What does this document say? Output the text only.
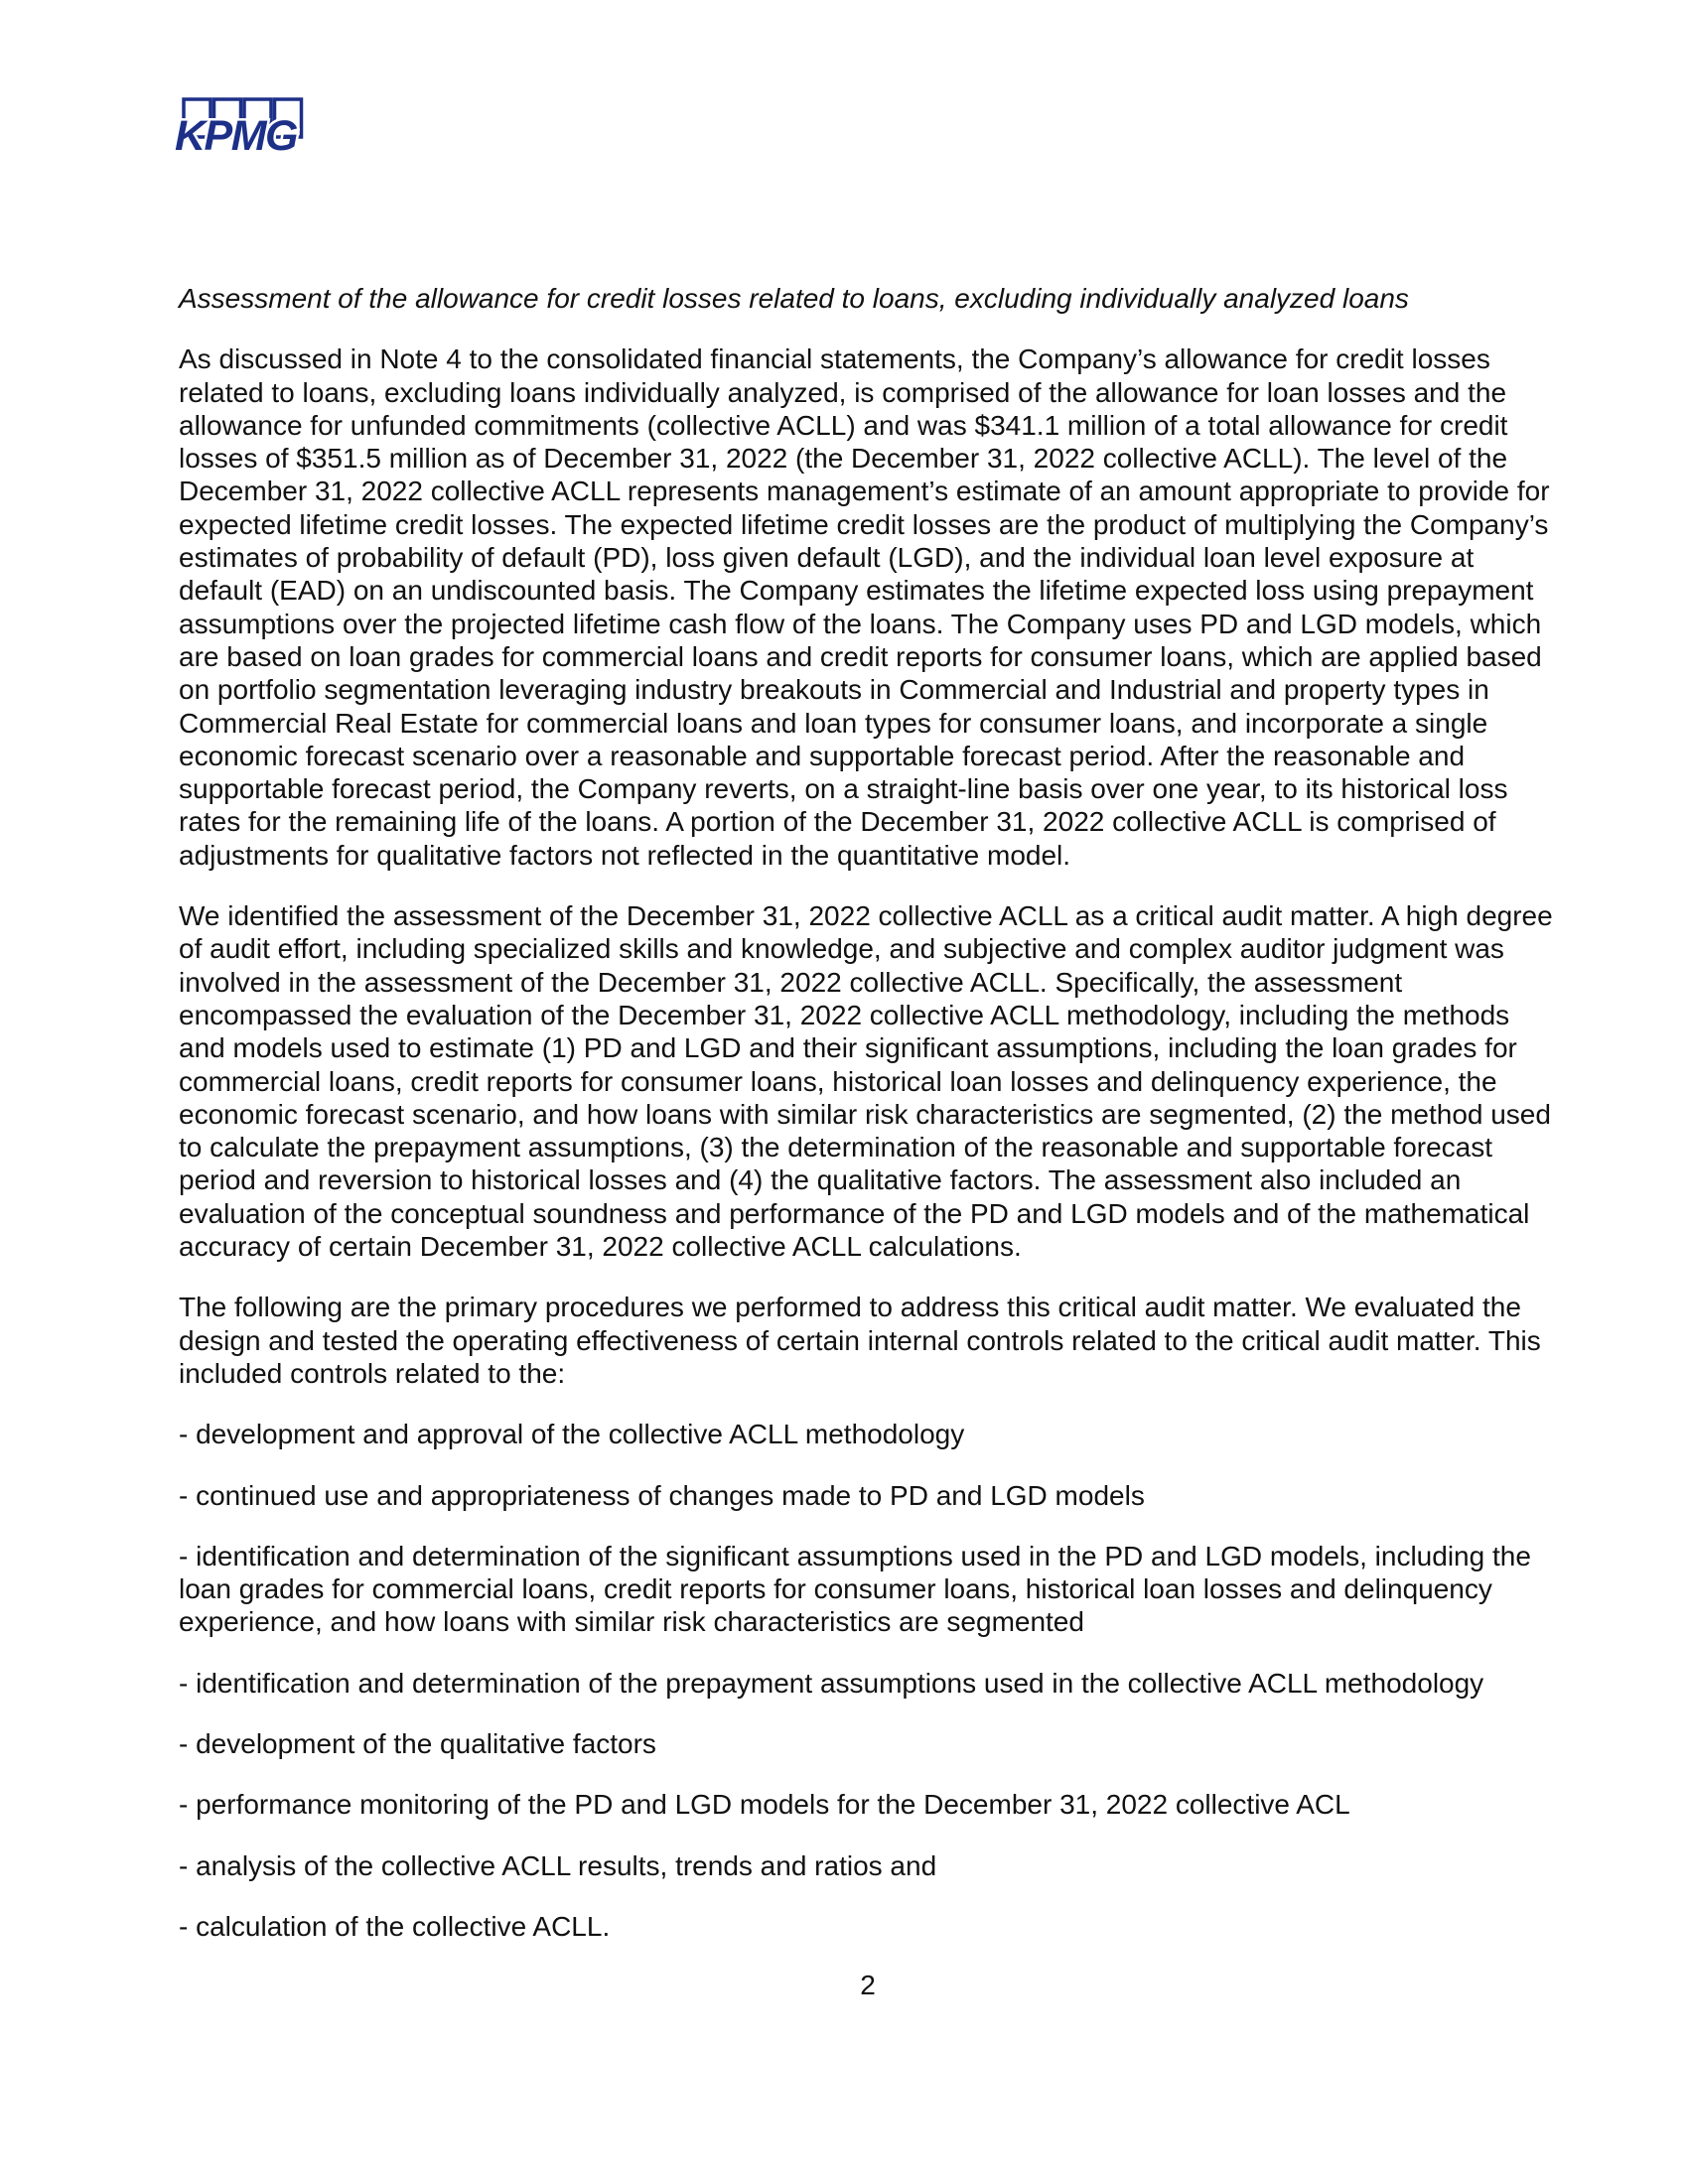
KPMG

Assessment of the allowance for credit losses related to loans, excluding individually analyzed loans

As discussed in Note 4 to the consolidated financial statements, the Company’s allowance for credit losses related to loans, excluding loans individually analyzed, is comprised of the allowance for loan losses and the allowance for unfunded commitments (collective ACLL) and was $341.1 million of a total allowance for credit losses of $351.5 million as of December 31, 2022 (the December 31, 2022 collective ACLL). The level of the December 31, 2022 collective ACLL represents management’s estimate of an amount appropriate to provide for expected lifetime credit losses. The expected lifetime credit losses are the product of multiplying the Company’s estimates of probability of default (PD), loss given default (LGD), and the individual loan level exposure at default (EAD) on an undiscounted basis. The Company estimates the lifetime expected loss using prepayment assumptions over the projected lifetime cash flow of the loans. The Company uses PD and LGD models, which are based on loan grades for commercial loans and credit reports for consumer loans, which are applied based on portfolio segmentation leveraging industry breakouts in Commercial and Industrial and property types in Commercial Real Estate for commercial loans and loan types for consumer loans, and incorporate a single economic forecast scenario over a reasonable and supportable forecast period. After the reasonable and supportable forecast period, the Company reverts, on a straight-line basis over one year, to its historical loss rates for the remaining life of the loans. A portion of the December 31, 2022 collective ACLL is comprised of adjustments for qualitative factors not reflected in the quantitative model.

We identified the assessment of the December 31, 2022 collective ACLL as a critical audit matter. A high degree of audit effort, including specialized skills and knowledge, and subjective and complex auditor judgment was involved in the assessment of the December 31, 2022 collective ACLL. Specifically, the assessment encompassed the evaluation of the December 31, 2022 collective ACLL methodology, including the methods and models used to estimate (1) PD and LGD and their significant assumptions, including the loan grades for commercial loans, credit reports for consumer loans, historical loan losses and delinquency experience, the economic forecast scenario, and how loans with similar risk characteristics are segmented, (2) the method used to calculate the prepayment assumptions, (3) the determination of the reasonable and supportable forecast period and reversion to historical losses and (4) the qualitative factors. The assessment also included an evaluation of the conceptual soundness and performance of the PD and LGD models and of the mathematical accuracy of certain December 31, 2022 collective ACLL calculations.

The following are the primary procedures we performed to address this critical audit matter. We evaluated the design and tested the operating effectiveness of certain internal controls related to the critical audit matter. This included controls related to the:

- development and approval of the collective ACLL methodology

- continued use and appropriateness of changes made to PD and LGD models

- identification and determination of the significant assumptions used in the PD and LGD models, including the loan grades for commercial loans, credit reports for consumer loans, historical loan losses and delinquency experience, and how loans with similar risk characteristics are segmented

- identification and determination of the prepayment assumptions used in the collective ACLL methodology

- development of the qualitative factors

- performance monitoring of the PD and LGD models for the December 31, 2022 collective ACL

- analysis of the collective ACLL results, trends and ratios and

- calculation of the collective ACLL.

2
